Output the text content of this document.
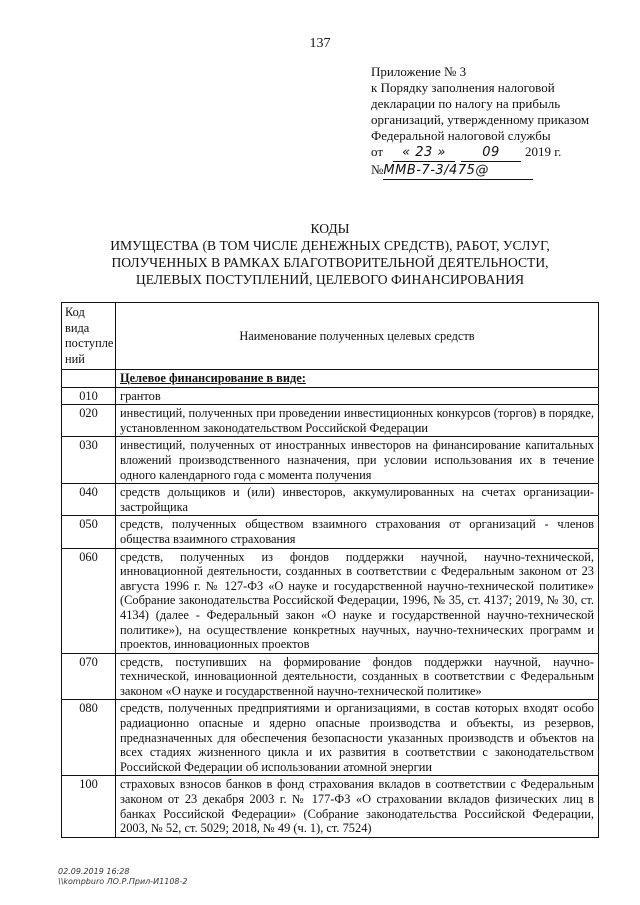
137
Приложение № 3
к Порядку заполнения налоговой
декларации по налогу на прибыль
организаций, утвержденному приказом
Федеральной налоговой службы
от	« 23 »	09	2019 г.
№ММВ-7-3/475@
КОДЫ
ИМУЩЕСТВА (В ТОМ ЧИСЛЕ ДЕНЕЖНЫХ СРЕДСТВ), РАБОТ, УСЛУГ,
ПОЛУЧЕННЫХ В РАМКАХ БЛАГОТВОРИТЕЛЬНОЙ ДЕЯТЕЛЬНОСТИ,
ЦЕЛЕВЫХ ПОСТУПЛЕНИЙ, ЦЕЛЕВОГО ФИНАНСИРОВАНИЯ
Код вида поступле ний	Наименование полученных целевых средств
	Целевое финансирование в виде:
010	грантов
020	инвестиций, полученных при проведении инвестиционных конкурсов (торгов) в порядке, установленном законодательством Российской Федерации
030	инвестиций, полученных от иностранных инвесторов на финансирование капитальных вложений производственного назначения, при условии использования их в течение одного календарного года с момента получения
040	средств дольщиков и (или) инвесторов, аккумулированных на счетах организации-застройщика
050	средств, полученных обществом взаимного страхования от организаций - членов общества взаимного страхования
060	средств, полученных из фондов поддержки научной, научно-технической, инновационной деятельности, созданных в соответствии с Федеральным законом от 23 августа 1996 г. № 127-ФЗ «О науке и государственной научно-технической политике» (Собрание законодательства Российской Федерации, 1996, № 35, ст. 4137; 2019, № 30, ст. 4134) (далее - Федеральный закон «О науке и государственной научно-технической политике»), на осуществление конкретных научных, научно-технических программ и проектов, инновационных проектов
070	средств, поступивших на формирование фондов поддержки научной, научно-технической, инновационной деятельности, созданных в соответствии с Федеральным законом «О науке и государственной научно-технической политике»
080	средств, полученных предприятиями и организациями, в состав которых входят особо радиационно опасные и ядерно опасные производства и объекты, из резервов, предназначенных для обеспечения безопасности указанных производств и объектов на всех стадиях жизненного цикла и их развития в соответствии с законодательством Российской Федерации об использовании атомной энергии
100	страховых взносов банков в фонд страхования вкладов в соответствии с Федеральным законом от 23 декабря 2003 г. № 177-ФЗ «О страховании вкладов физических лиц в банках Российской Федерации» (Собрание законодательства Российской Федерации, 2003, № 52, ст. 5029; 2018, № 49 (ч. 1), ст. 7524)
02.09.2019 16:28
\\kompburo ЛО.Р.Прил-И1108-2
